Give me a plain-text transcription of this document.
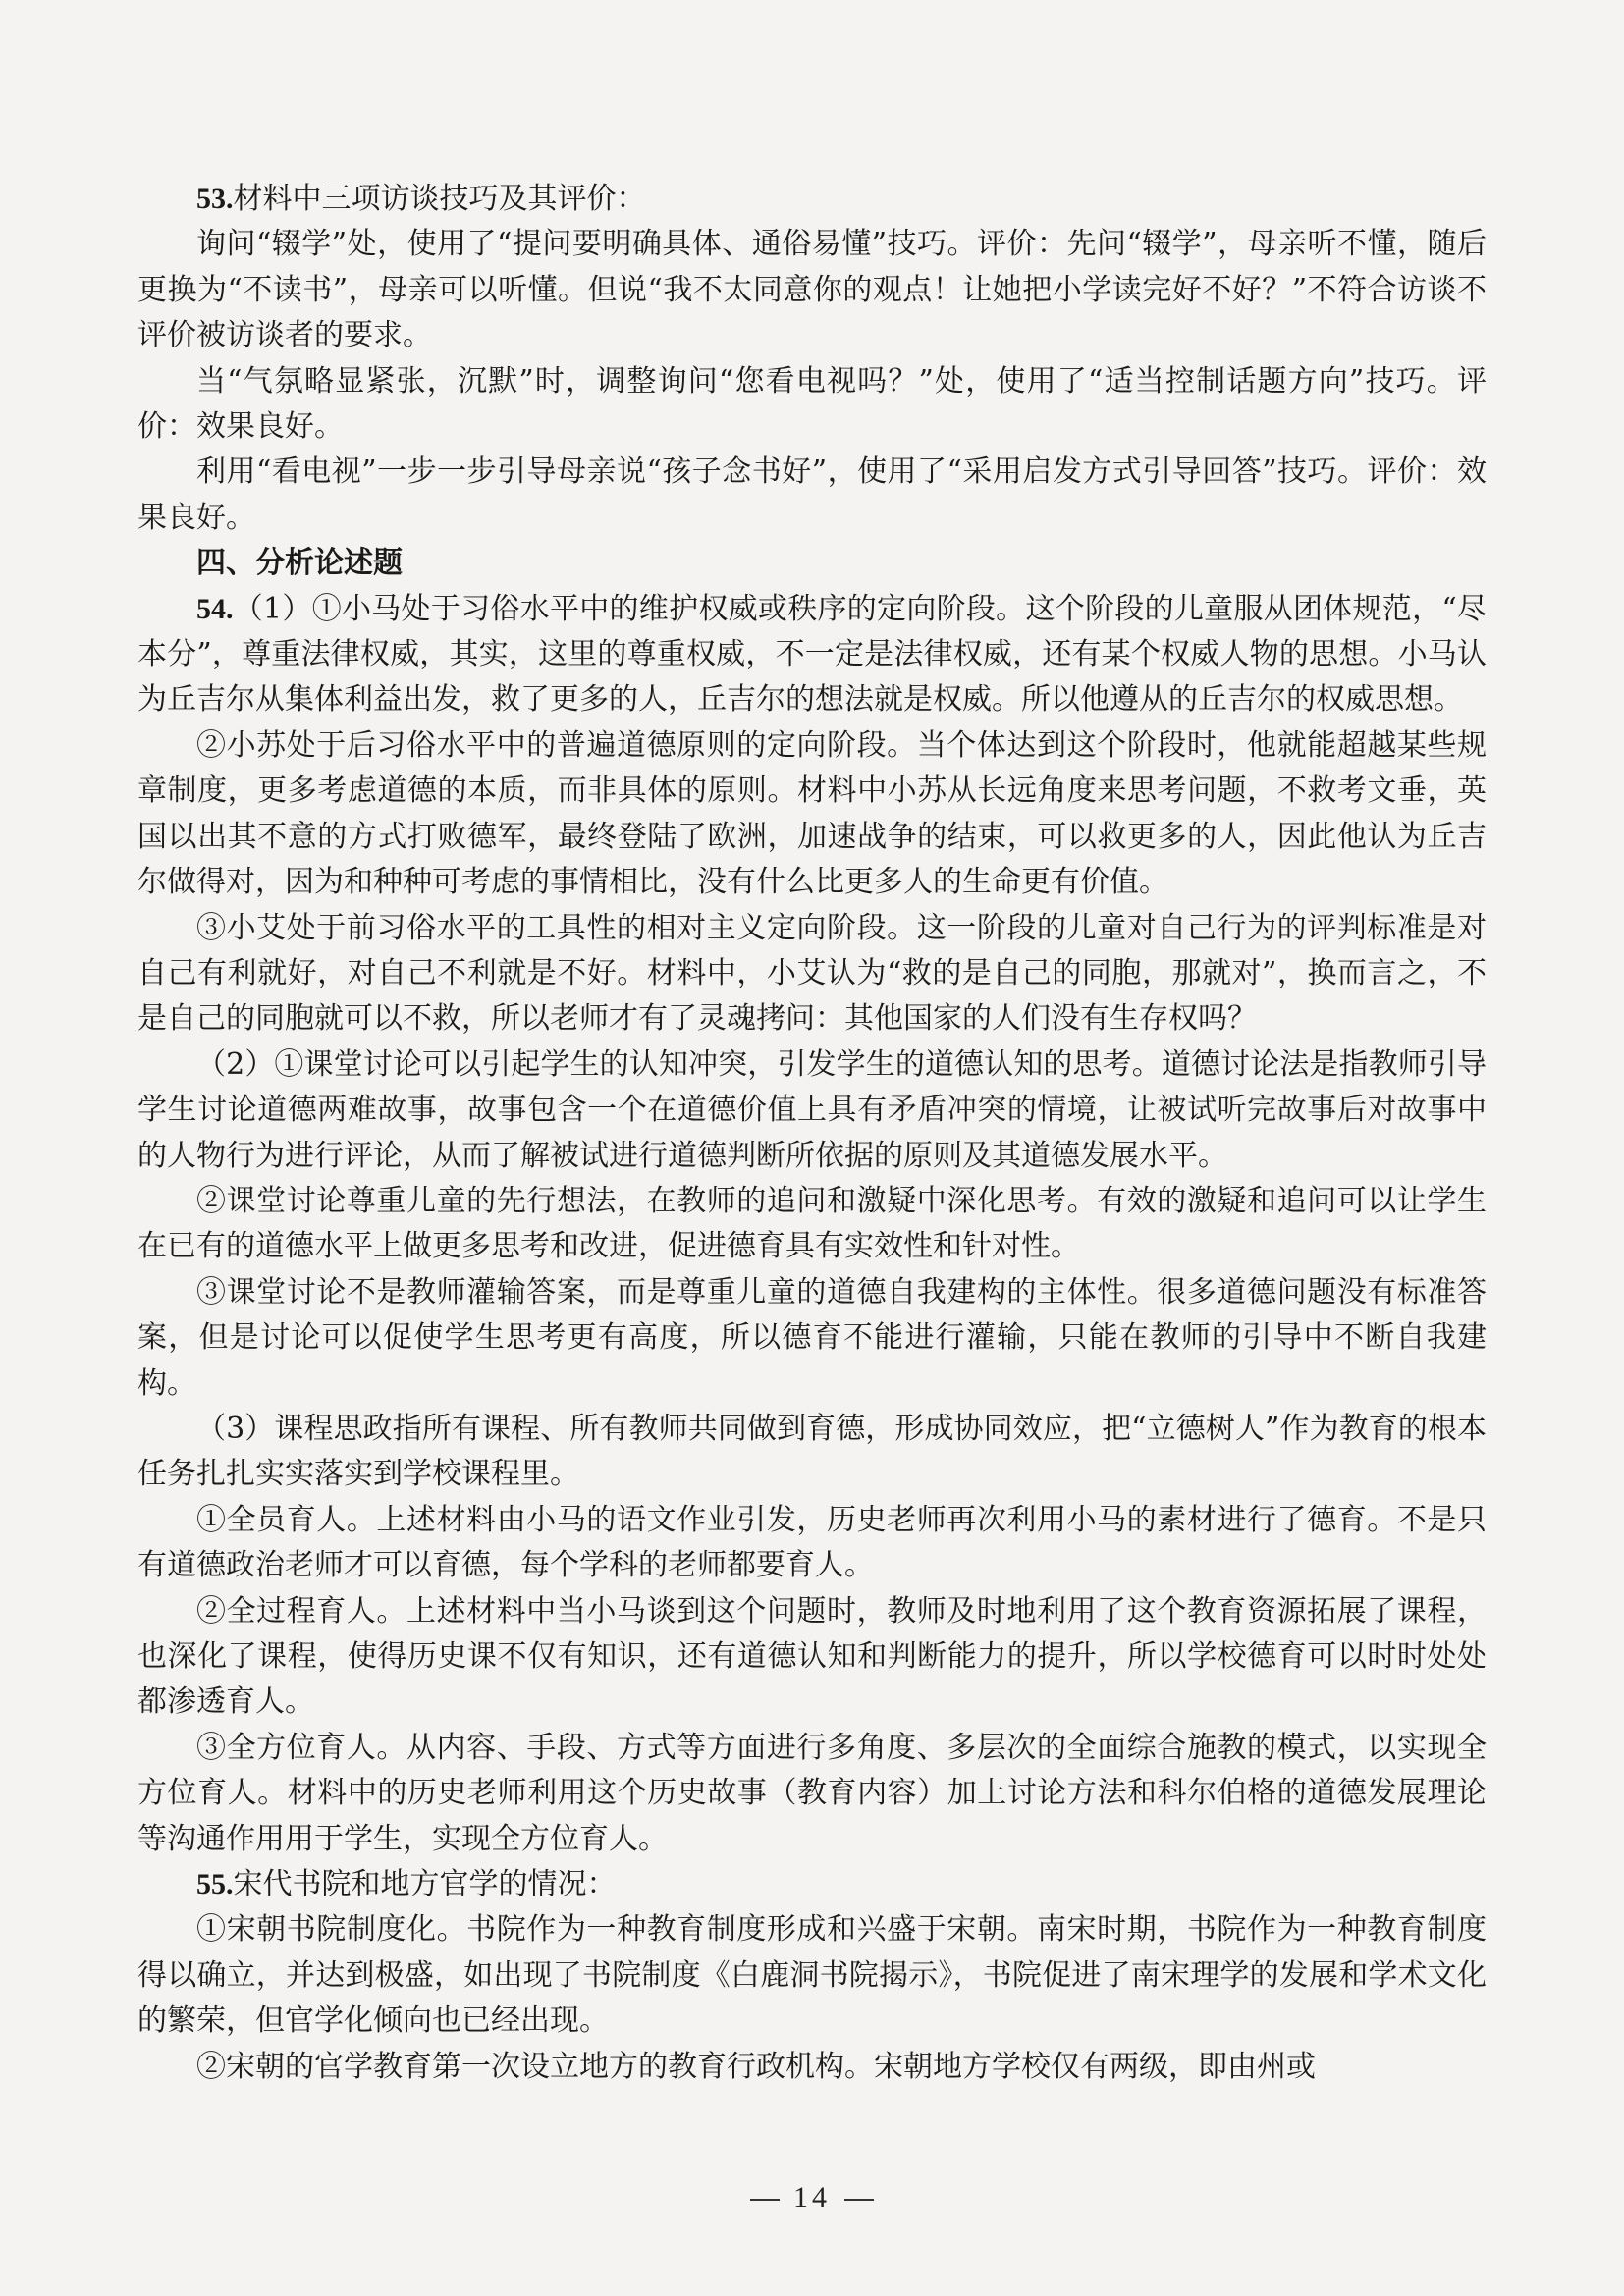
53.材料中三项访谈技巧及其评价：

询问“辍学”处，使用了“提问要明确具体、通俗易懂”技巧。评价：先问“辍学”，母亲听不懂，随后更换为“不读书”，母亲可以听懂。但说“我不太同意你的观点！让她把小学读完好不好？”不符合访谈不评价被访谈者的要求。

当“气氛略显紧张，沉默”时，调整询问“您看电视吗？”处，使用了“适当控制话题方向”技巧。评价：效果良好。

利用“看电视”一步一步引导母亲说“孩子念书好”，使用了“采用启发方式引导回答”技巧。评价：效果良好。

四、分析论述题

54.（1）①小马处于习俗水平中的维护权威或秩序的定向阶段。这个阶段的儿童服从团体规范，“尽本分”，尊重法律权威，其实，这里的尊重权威，不一定是法律权威，还有某个权威人物的思想。小马认为丘吉尔从集体利益出发，救了更多的人，丘吉尔的想法就是权威。所以他遵从的丘吉尔的权威思想。

②小苏处于后习俗水平中的普遍道德原则的定向阶段。当个体达到这个阶段时，他就能超越某些规章制度，更多考虑道德的本质，而非具体的原则。材料中小苏从长远角度来思考问题，不救考文垂，英国以出其不意的方式打败德军，最终登陆了欧洲，加速战争的结束，可以救更多的人，因此他认为丘吉尔做得对，因为和种种可考虑的事情相比，没有什么比更多人的生命更有价值。

③小艾处于前习俗水平的工具性的相对主义定向阶段。这一阶段的儿童对自己行为的评判标准是对自己有利就好，对自己不利就是不好。材料中，小艾认为“救的是自己的同胞，那就对”，换而言之，不是自己的同胞就可以不救，所以老师才有了灵魂拷问：其他国家的人们没有生存权吗？

（2）①课堂讨论可以引起学生的认知冲突，引发学生的道德认知的思考。道德讨论法是指教师引导学生讨论道德两难故事，故事包含一个在道德价值上具有矛盾冲突的情境，让被试听完故事后对故事中的人物行为进行评论，从而了解被试进行道德判断所依据的原则及其道德发展水平。

②课堂讨论尊重儿童的先行想法，在教师的追问和激疑中深化思考。有效的激疑和追问可以让学生在已有的道德水平上做更多思考和改进，促进德育具有实效性和针对性。

③课堂讨论不是教师灌输答案，而是尊重儿童的道德自我建构的主体性。很多道德问题没有标准答案，但是讨论可以促使学生思考更有高度，所以德育不能进行灌输，只能在教师的引导中不断自我建构。

（3）课程思政指所有课程、所有教师共同做到育德，形成协同效应，把“立德树人”作为教育的根本任务扎扎实实落实到学校课程里。

①全员育人。上述材料由小马的语文作业引发，历史老师再次利用小马的素材进行了德育。不是只有道德政治老师才可以育德，每个学科的老师都要育人。

②全过程育人。上述材料中当小马谈到这个问题时，教师及时地利用了这个教育资源拓展了课程，也深化了课程，使得历史课不仅有知识，还有道德认知和判断能力的提升，所以学校德育可以时时处处都渗透育人。

③全方位育人。从内容、手段、方式等方面进行多角度、多层次的全面综合施教的模式，以实现全方位育人。材料中的历史老师利用这个历史故事（教育内容）加上讨论方法和科尔伯格的道德发展理论等沟通作用用于学生，实现全方位育人。

55.宋代书院和地方官学的情况：

①宋朝书院制度化。书院作为一种教育制度形成和兴盛于宋朝。南宋时期，书院作为一种教育制度得以确立，并达到极盛，如出现了书院制度《白鹿洞书院揭示》，书院促进了南宋理学的发展和学术文化的繁荣，但官学化倾向也已经出现。

②宋朝的官学教育第一次设立地方的教育行政机构。宋朝地方学校仅有两级，即由州或

14
